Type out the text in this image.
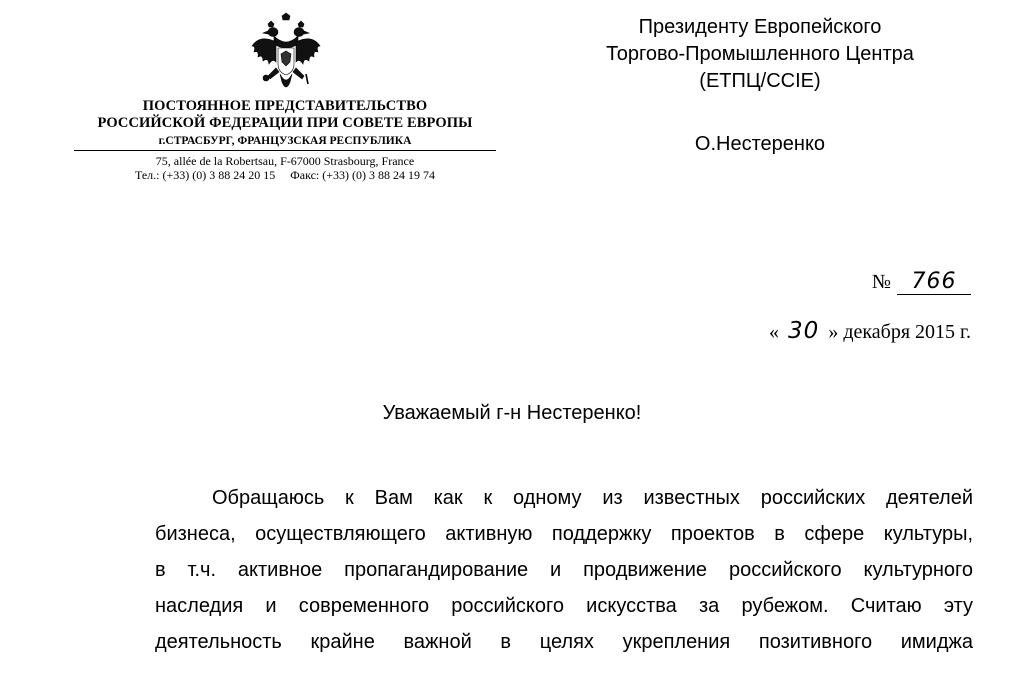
ПОСТОЯННОЕ ПРЕДСТАВИТЕЛЬСТВО
РОССИЙСКОЙ ФЕДЕРАЦИИ ПРИ СОВЕТЕ ЕВРОПЫ
г.СТРАСБУРГ, ФРАНЦУЗСКАЯ РЕСПУБЛИКА
75, allée de la Robertsau, F-67000 Strasbourg, France
Тел.: (+33) (0) 3 88 24 20 15 Факс: (+33) (0) 3 88 24 19 74
Президенту Европейского
Торгово-Промышленного Центра
(ЕТПЦ/CCIE)
О.Нестеренко
№ 766
« 30 » декабря 2015 г.
Уважаемый г-н Нестеренко!
Обращаюсь к Вам как к одному из известных российских деятелей
бизнеса, осуществляющего активную поддержку проектов в сфере культуры,
в т.ч. активное пропагандирование и продвижение российского культурного
наследия и современного российского искусства за рубежом. Считаю эту
деятельность крайне важной в целях укрепления позитивного имиджа
